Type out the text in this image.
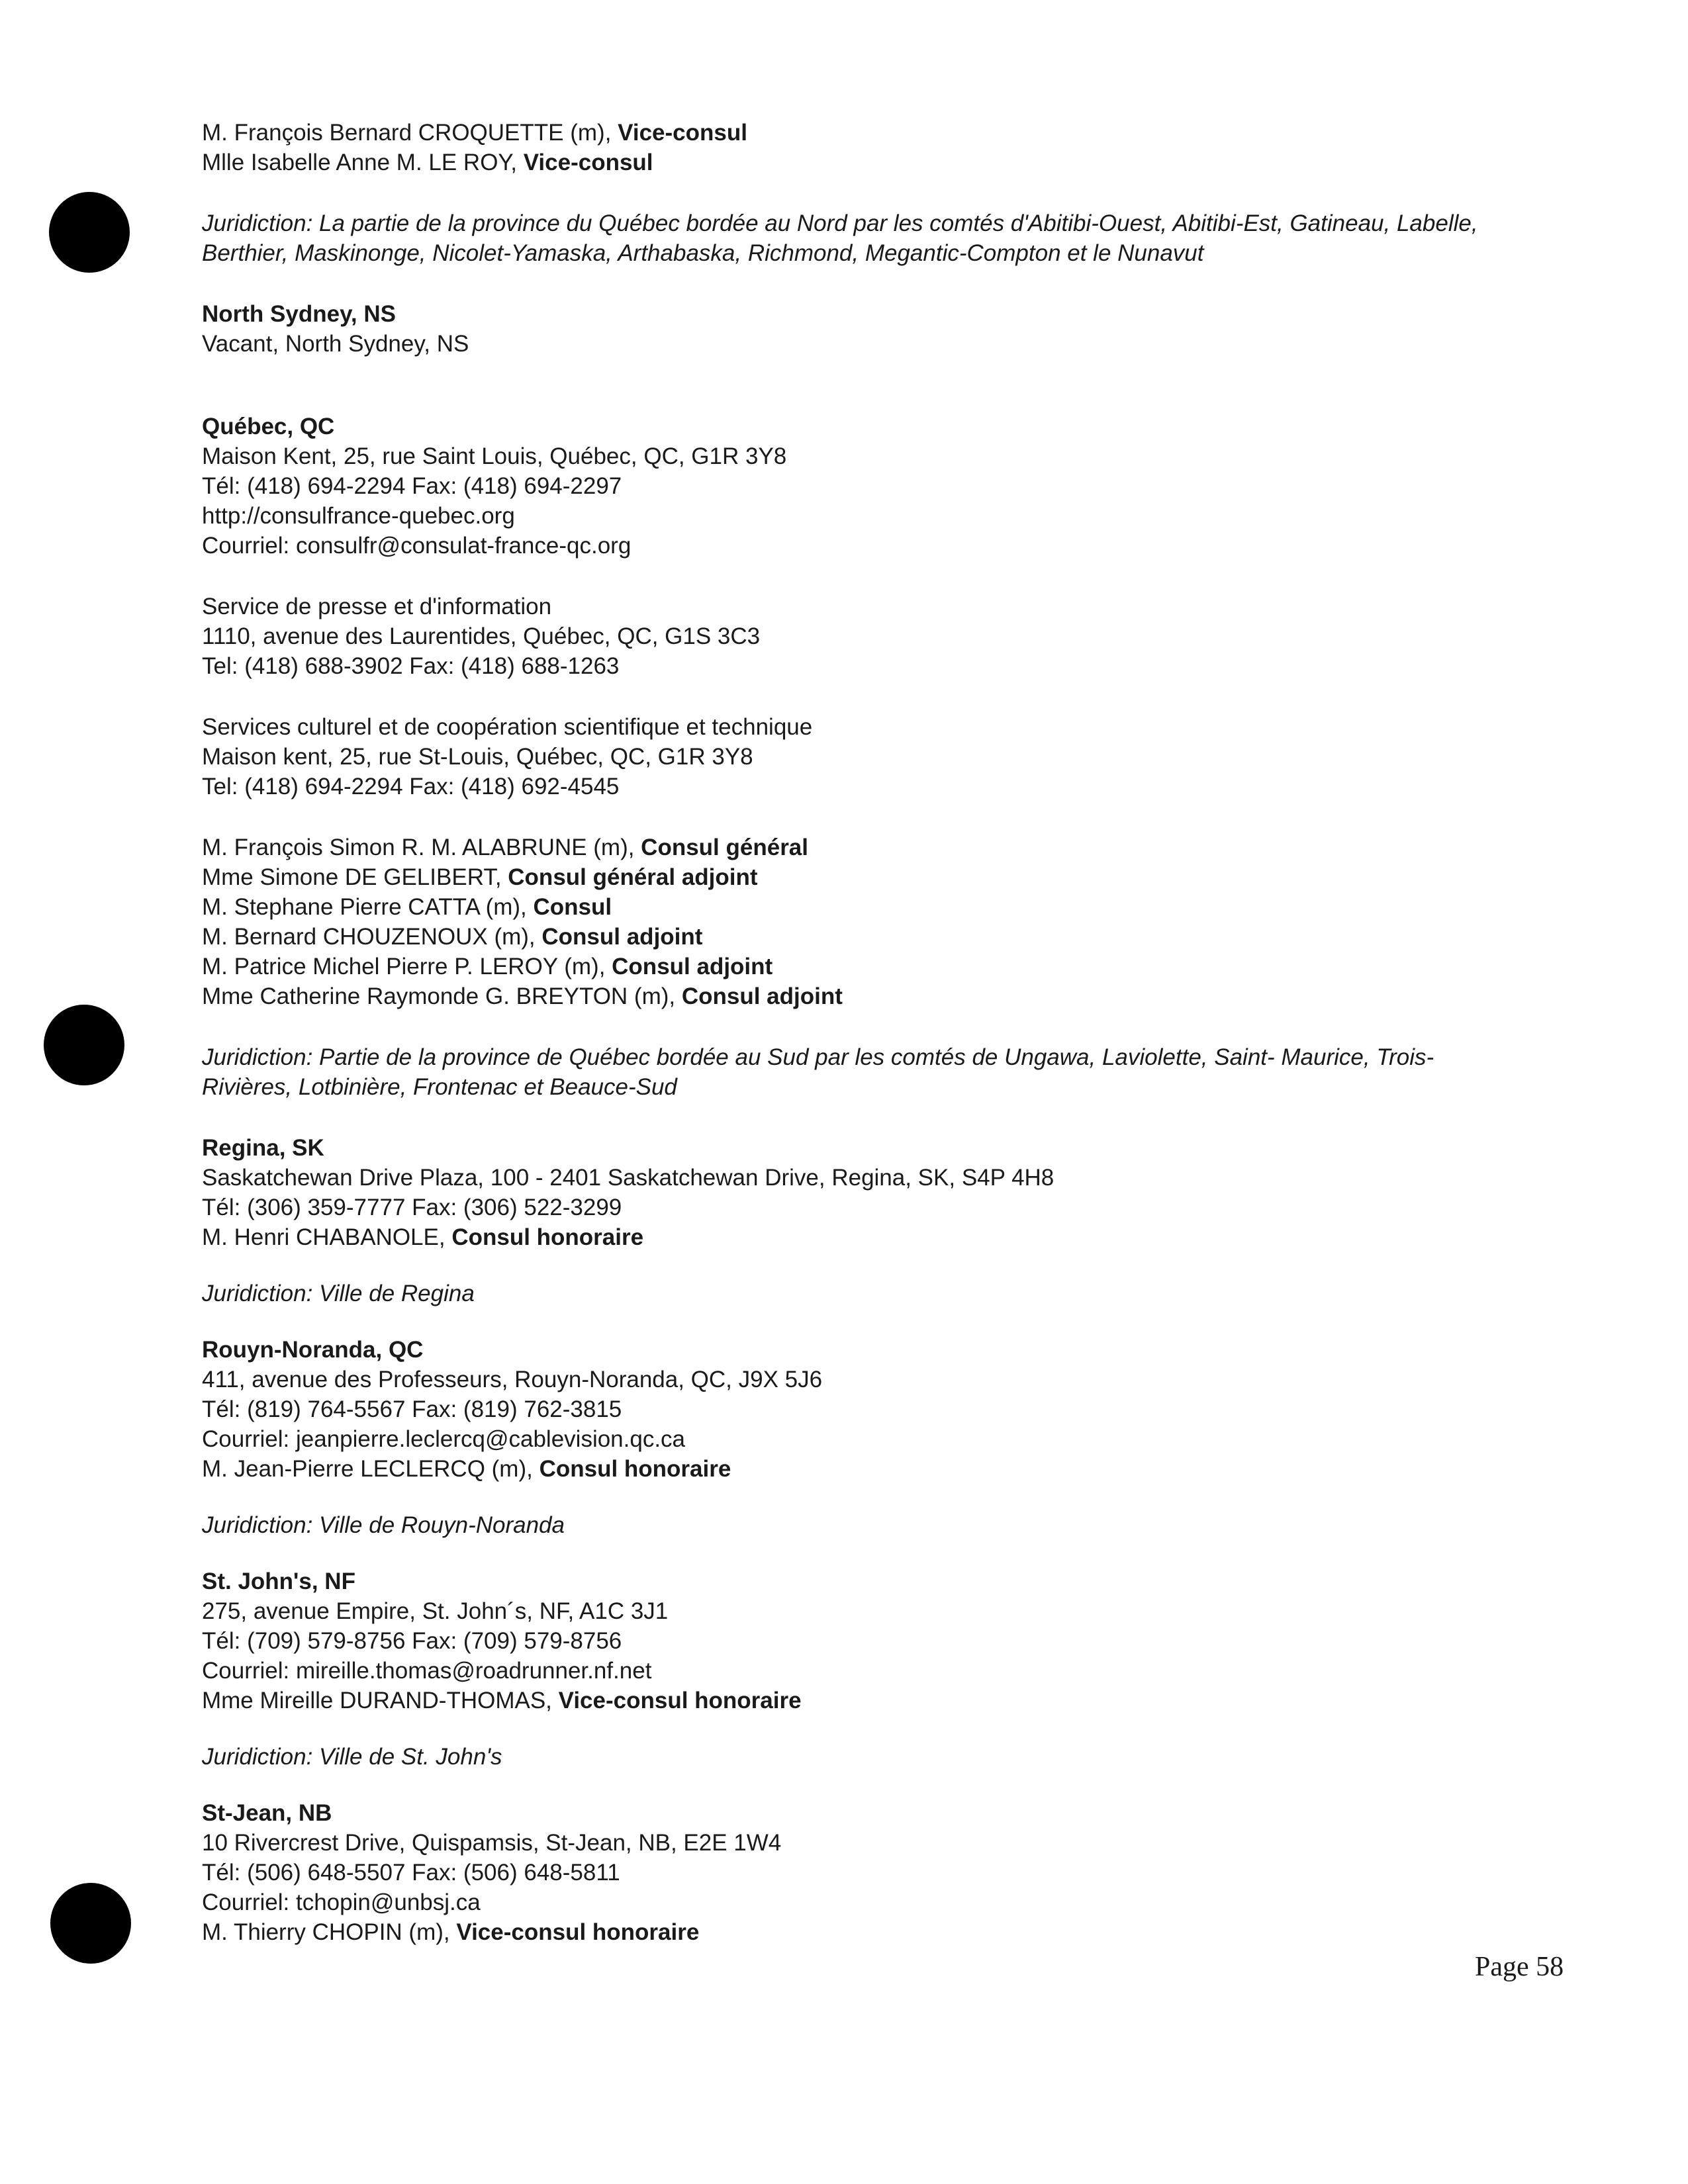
M. François Bernard CROQUETTE (m), Vice-consul
Mlle Isabelle Anne M. LE ROY, Vice-consul
Juridiction: La partie de la province du Québec bordée au Nord par les comtés d'Abitibi-Ouest, Abitibi-Est, Gatineau, Labelle, Berthier, Maskinonge, Nicolet-Yamaska, Arthabaska, Richmond, Megantic-Compton et le Nunavut
North Sydney, NS
Vacant, North Sydney, NS
Québec, QC
Maison Kent, 25, rue Saint Louis, Québec, QC, G1R 3Y8
Tél: (418) 694-2294 Fax: (418) 694-2297
http://consulfrance-quebec.org
Courriel: consulfr@consulat-france-qc.org
Service de presse et d'information
1110, avenue des Laurentides, Québec, QC, G1S 3C3
Tel: (418) 688-3902 Fax: (418) 688-1263
Services culturel et de coopération scientifique et technique
Maison kent, 25, rue St-Louis, Québec, QC, G1R 3Y8
Tel: (418) 694-2294 Fax: (418) 692-4545
M. François Simon R. M. ALABRUNE (m), Consul général
Mme Simone DE GELIBERT, Consul général adjoint
M. Stephane Pierre CATTA (m), Consul
M. Bernard CHOUZENOUX (m), Consul adjoint
M. Patrice Michel Pierre P. LEROY (m), Consul adjoint
Mme Catherine Raymonde G. BREYTON (m), Consul adjoint
Juridiction: Partie de la province de Québec bordée au Sud par les comtés de Ungawa, Laviolette, Saint- Maurice, Trois-Rivières, Lotbinière, Frontenac et Beauce-Sud
Regina, SK
Saskatchewan Drive Plaza, 100 - 2401 Saskatchewan Drive, Regina, SK, S4P 4H8
Tél: (306) 359-7777 Fax: (306) 522-3299
M. Henri CHABANOLE, Consul honoraire
Juridiction: Ville de Regina
Rouyn-Noranda, QC
411, avenue des Professeurs, Rouyn-Noranda, QC, J9X 5J6
Tél: (819) 764-5567 Fax: (819) 762-3815
Courriel: jeanpierre.leclercq@cablevision.qc.ca
M. Jean-Pierre LECLERCQ (m), Consul honoraire
Juridiction: Ville de Rouyn-Noranda
St. John's, NF
275, avenue Empire, St. John´s, NF, A1C 3J1
Tél: (709) 579-8756 Fax: (709) 579-8756
Courriel: mireille.thomas@roadrunner.nf.net
Mme Mireille DURAND-THOMAS, Vice-consul honoraire
Juridiction: Ville de St. John's
St-Jean, NB
10 Rivercrest Drive, Quispamsis, St-Jean, NB, E2E 1W4
Tél: (506) 648-5507 Fax: (506) 648-5811
Courriel: tchopin@unbsj.ca
M. Thierry CHOPIN (m), Vice-consul honoraire
Page 58
